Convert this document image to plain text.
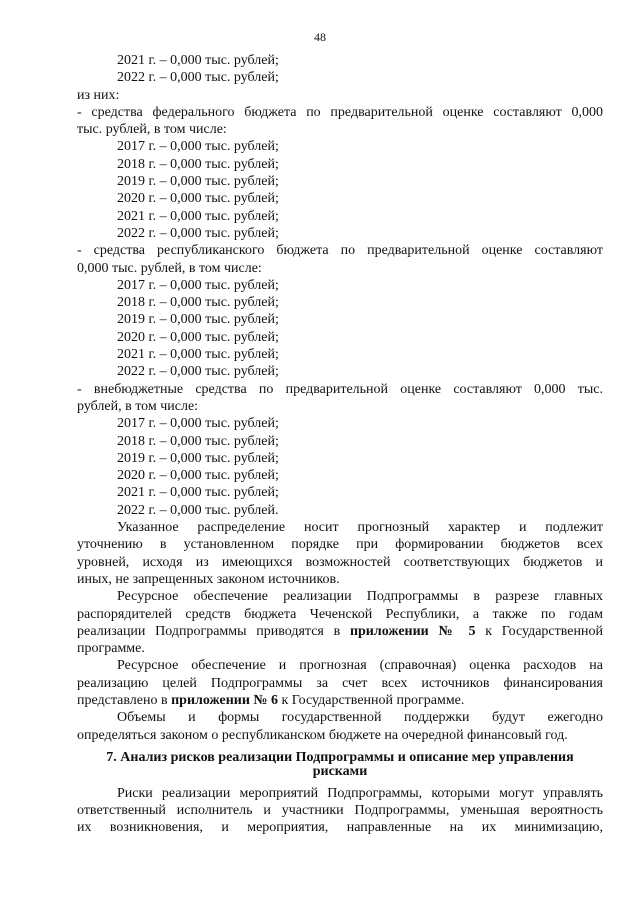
48
2021 г. – 0,000 тыс. рублей;
2022 г. – 0,000 тыс. рублей;
из них:
- средства федерального бюджета по предварительной оценке составляют 0,000
тыс. рублей, в том числе:
2017 г. – 0,000 тыс. рублей;
2018 г. – 0,000 тыс. рублей;
2019 г. – 0,000 тыс. рублей;
2020 г. – 0,000 тыс. рублей;
2021 г. – 0,000 тыс. рублей;
2022 г. – 0,000 тыс. рублей;
- средства республиканского бюджета по предварительной оценке составляют
0,000 тыс. рублей, в том числе:
2017 г. – 0,000 тыс. рублей;
2018 г. – 0,000 тыс. рублей;
2019 г. – 0,000 тыс. рублей;
2020 г. – 0,000 тыс. рублей;
2021 г. – 0,000 тыс. рублей;
2022 г. – 0,000 тыс. рублей;
- внебюджетные средства по предварительной оценке составляют 0,000 тыс.
рублей, в том числе:
2017 г. – 0,000 тыс. рублей;
2018 г. – 0,000 тыс. рублей;
2019 г. – 0,000 тыс. рублей;
2020 г. – 0,000 тыс. рублей;
2021 г. – 0,000 тыс. рублей;
2022 г. – 0,000 тыс. рублей.
Указанное распределение носит прогнозный характер и подлежит
уточнению в установленном порядке при формировании бюджетов всех
уровней, исходя из имеющихся возможностей соответствующих бюджетов и
иных, не запрещенных законом источников.
Ресурсное обеспечение реализации Подпрограммы в разрезе главных
распорядителей средств бюджета Чеченской Республики, а также по годам
реализации Подпрограммы приводятся в приложении № 5 к Государственной
программе.
Ресурсное обеспечение и прогнозная (справочная) оценка расходов на
реализацию целей Подпрограммы за счет всех источников финансирования
представлено в приложении № 6 к Государственной программе.
Объемы и формы государственной поддержки будут ежегодно
определяться законом о республиканском бюджете на очередной финансовый год.
7. Анализ рисков реализации Подпрограммы и описание мер управления
рисками
Риски реализации мероприятий Подпрограммы, которыми могут управлять
ответственный исполнитель и участники Подпрограммы, уменьшая вероятность
их возникновения, и мероприятия, направленные на их минимизацию,
